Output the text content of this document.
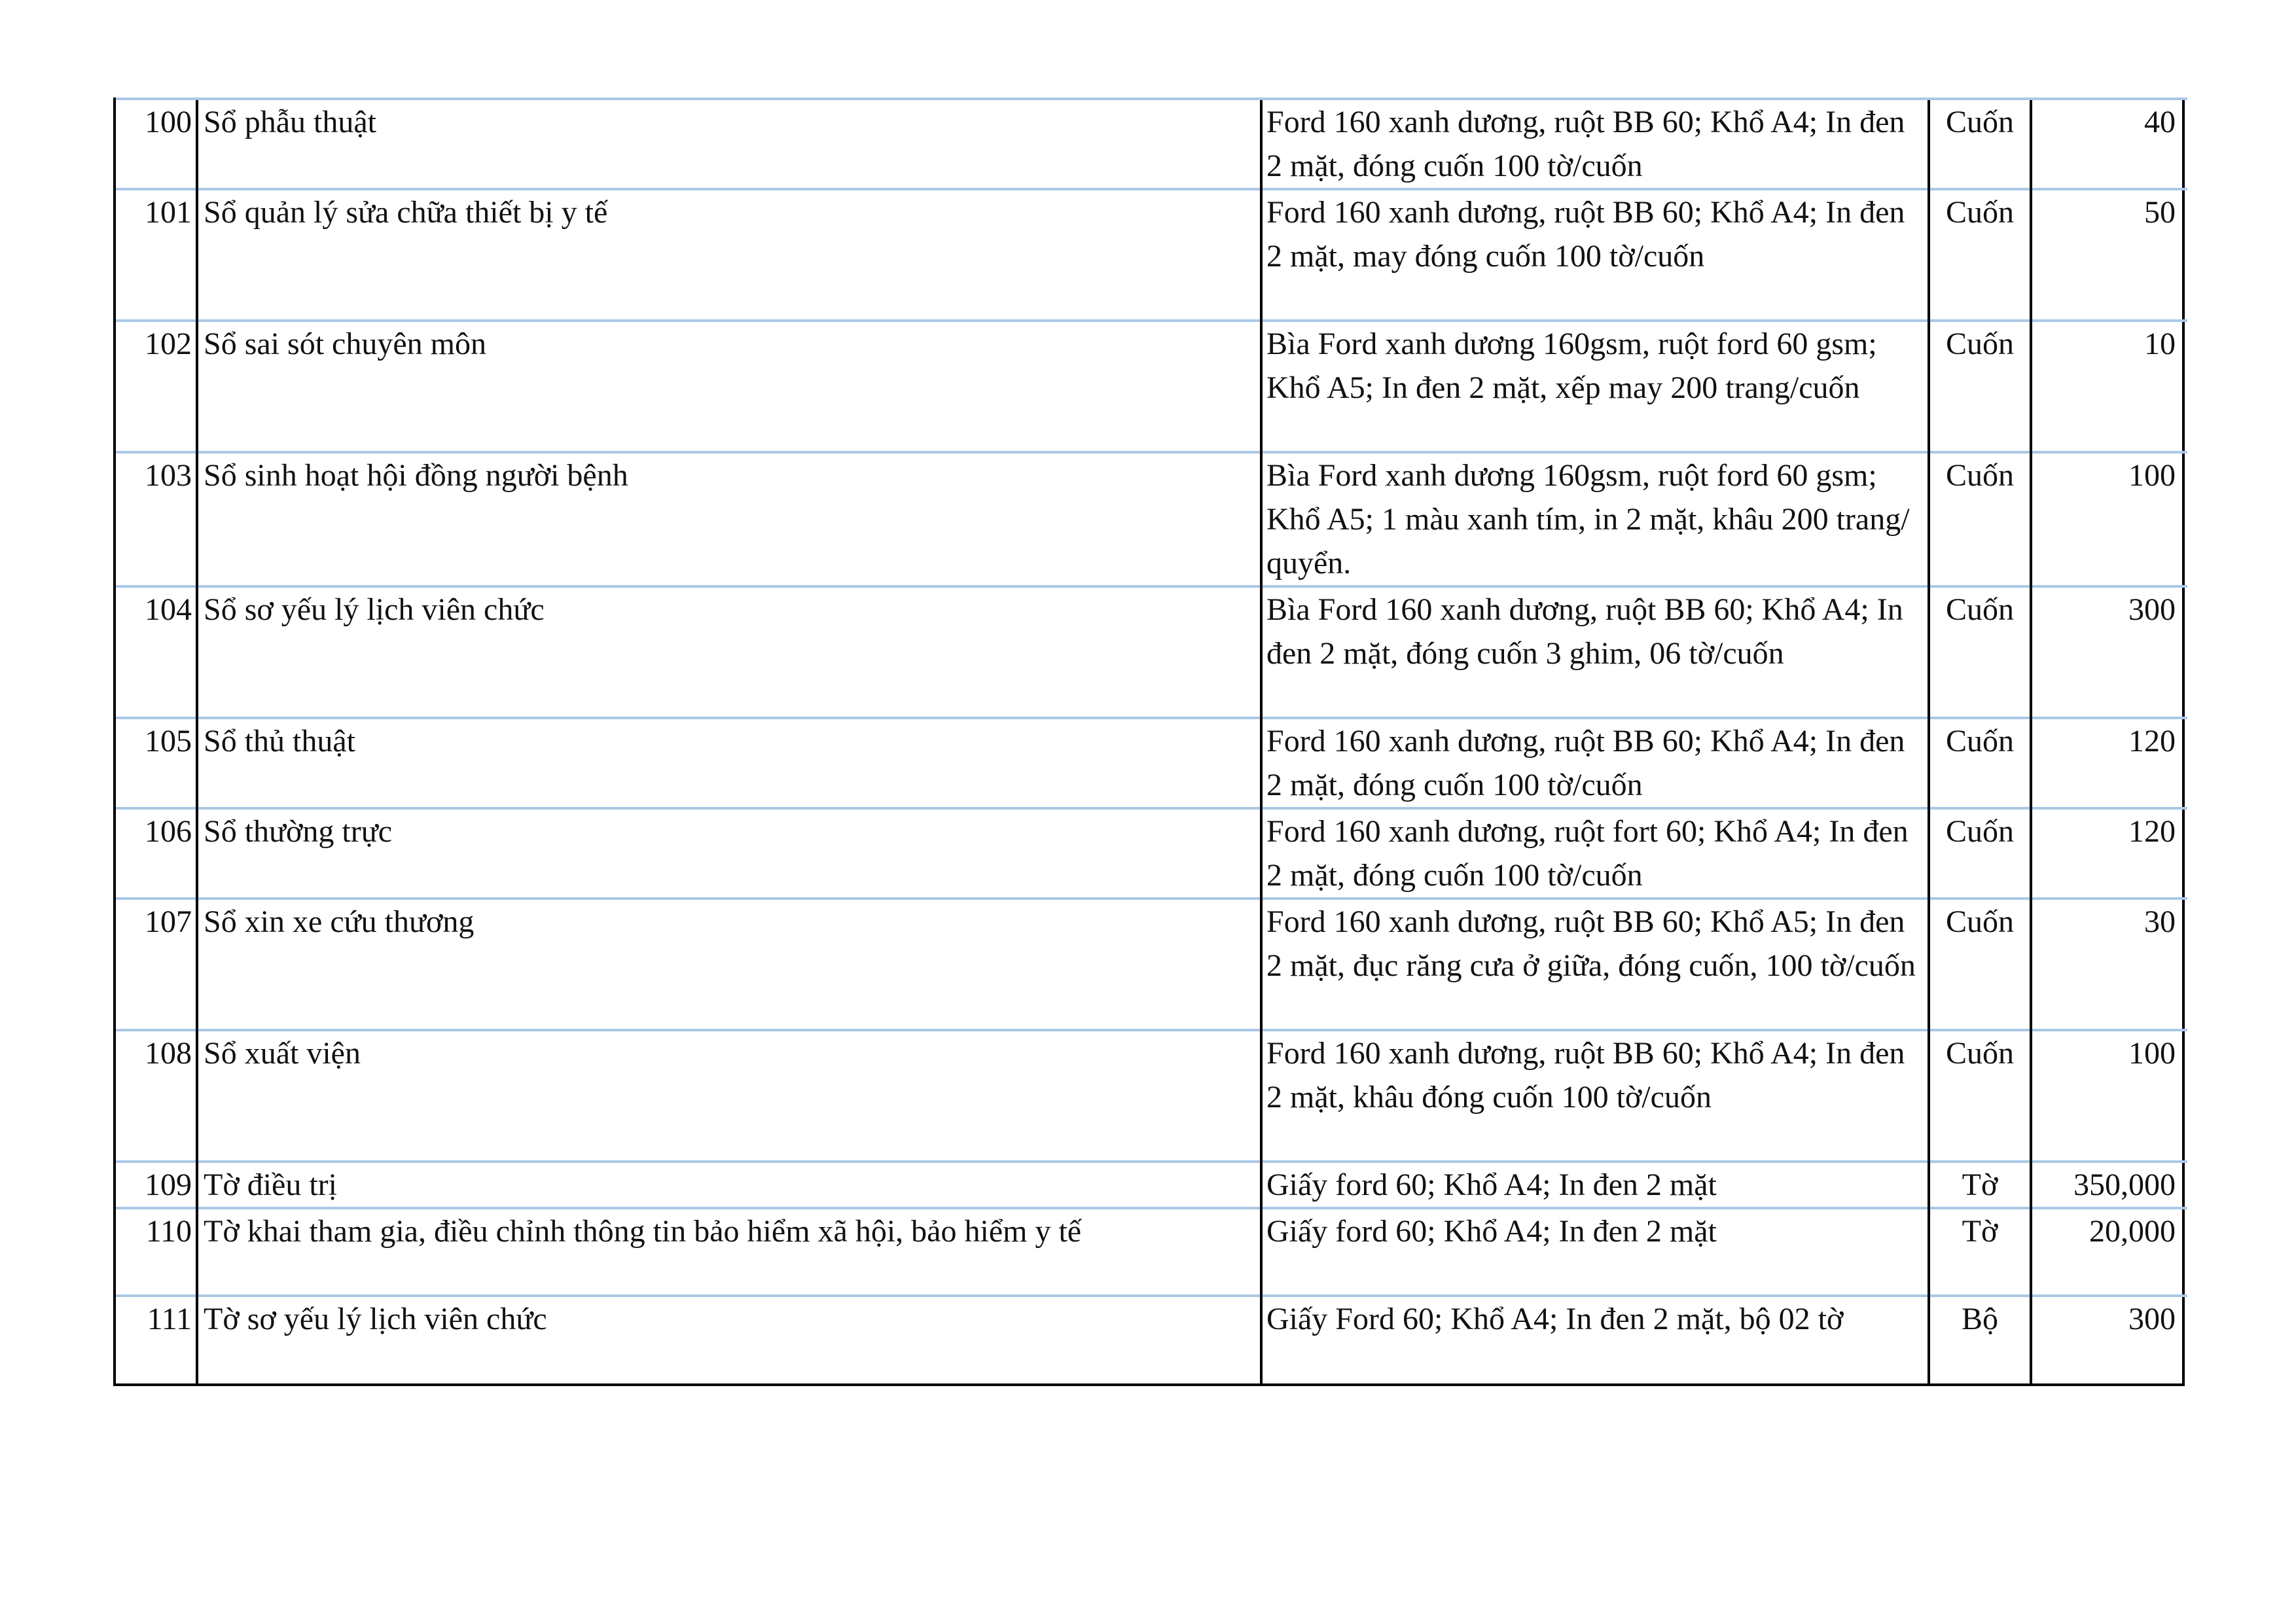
100	Sổ phẫu thuật	Ford 160 xanh dương, ruột BB 60; Khổ A4; In đen 2 mặt, đóng cuốn 100 tờ/cuốn	Cuốn	40
101	Sổ quản lý sửa chữa thiết bị y tế	Ford 160 xanh dương, ruột BB 60; Khổ A4; In đen 2 mặt, may đóng cuốn 100 tờ/cuốn	Cuốn	50
102	Sổ sai sót chuyên môn	Bìa Ford xanh dương 160gsm, ruột ford 60 gsm; Khổ A5; In đen 2 mặt, xếp may 200 trang/cuốn	Cuốn	10
103	Sổ sinh hoạt hội đồng người bệnh	Bìa Ford xanh dương 160gsm, ruột ford 60 gsm; Khổ A5; 1 màu xanh tím, in 2 mặt, khâu 200 trang/ quyển.	Cuốn	100
104	Sổ sơ yếu lý lịch viên chức	Bìa Ford 160 xanh dương, ruột BB 60; Khổ A4; In đen 2 mặt, đóng cuốn 3 ghim, 06 tờ/cuốn	Cuốn	300
105	Sổ thủ thuật	Ford 160 xanh dương, ruột BB 60; Khổ A4; In đen 2 mặt, đóng cuốn 100 tờ/cuốn	Cuốn	120
106	Sổ thường trực	Ford 160 xanh dương, ruột fort 60; Khổ A4; In đen 2 mặt, đóng cuốn 100 tờ/cuốn	Cuốn	120
107	Sổ xin xe cứu thương	Ford 160 xanh dương, ruột BB 60; Khổ A5; In đen 2 mặt, đục răng cưa ở giữa, đóng cuốn, 100 tờ/cuốn	Cuốn	30
108	Sổ xuất viện	Ford 160 xanh dương, ruột BB 60; Khổ A4; In đen 2 mặt, khâu đóng cuốn 100 tờ/cuốn	Cuốn	100
109	Tờ điều trị	Giấy ford 60; Khổ A4; In đen 2 mặt	Tờ	350,000
110	Tờ khai tham gia, điều chỉnh thông tin bảo hiểm xã hội, bảo hiểm y tế	Giấy ford 60; Khổ A4; In đen 2 mặt	Tờ	20,000
111	Tờ sơ yếu lý lịch viên chức	Giấy Ford 60; Khổ A4; In đen 2 mặt, bộ 02 tờ	Bộ	300
